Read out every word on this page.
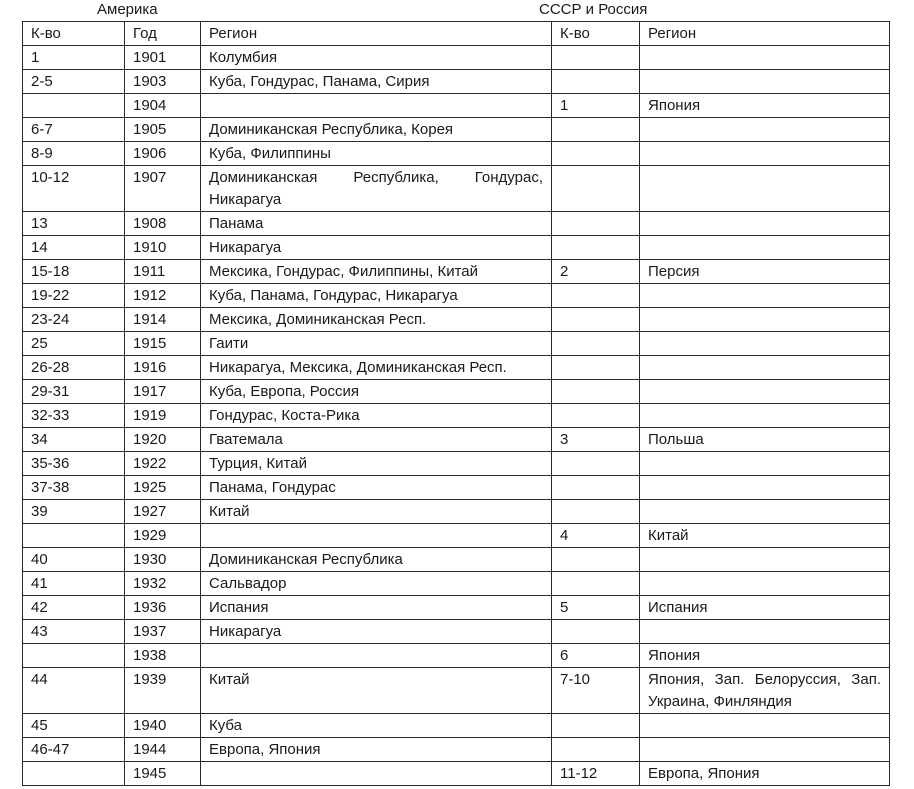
Америка	СССР и Россия
К-во	Год	Регион	К-во	Регион
1	1901	Колумбия		
2-5	1903	Куба, Гондурас, Панама, Сирия		
	1904		1	Япония
6-7	1905	Доминиканская Республика, Корея		
8-9	1906	Куба, Филиппины		
10-12	1907	Доминиканская Республика, Гондурас, Никарагуа		
13	1908	Панама		
14	1910	Никарагуа		
15-18	1911	Мексика, Гондурас, Филиппины, Китай	2	Персия
19-22	1912	Куба, Панама, Гондурас, Никарагуа		
23-24	1914	Мексика, Доминиканская Респ.		
25	1915	Гаити		
26-28	1916	Никарагуа, Мексика, Доминиканская Респ.		
29-31	1917	Куба, Европа, Россия		
32-33	1919	Гондурас, Коста-Рика		
34	1920	Гватемала	3	Польша
35-36	1922	Турция, Китай		
37-38	1925	Панама, Гондурас		
39	1927	Китай		
	1929		4	Китай
40	1930	Доминиканская Республика		
41	1932	Сальвадор		
42	1936	Испания	5	Испания
43	1937	Никарагуа		
	1938		6	Япония
44	1939	Китай	7-10	Япония, Зап. Белоруссия, Зап. Украина, Финляндия
45	1940	Куба		
46-47	1944	Европа, Япония		
	1945		11-12	Европа, Япония
